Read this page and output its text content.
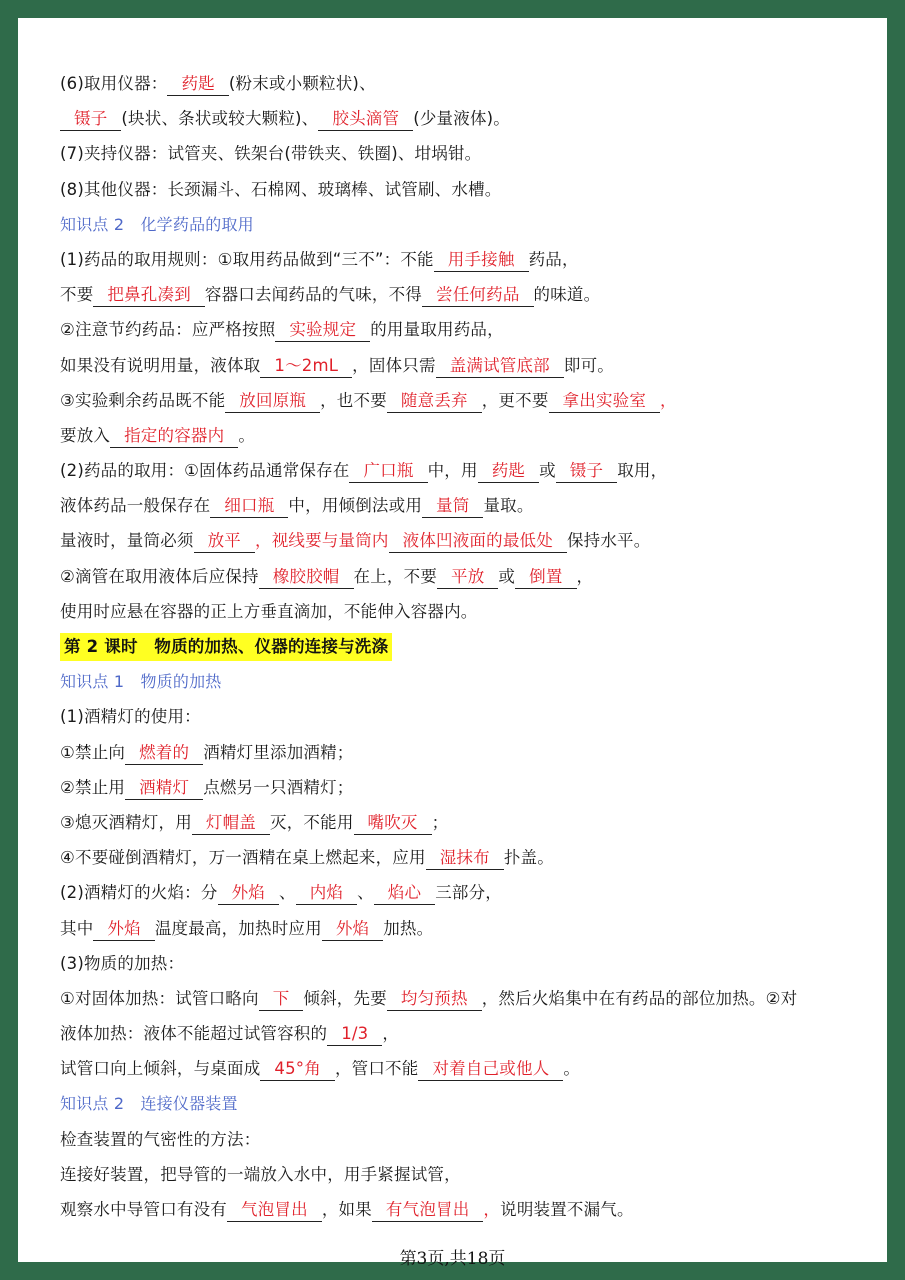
(6)取用仪器： 药匙 (粉末或小颗粒状)、
镊子 (块状、条状或较大颗粒)、 胶头滴管 (少量液体)。
(7)夹持仪器：试管夹、铁架台(带铁夹、铁圈)、坩埚钳。
(8)其他仪器：长颈漏斗、石棉网、玻璃棒、试管刷、水槽。
知识点 2　化学药品的取用
(1)药品的取用规则：①取用药品做到“三不”：不能 用手接触 药品，
不要 把鼻孔凑到 容器口去闻药品的气味，不得 尝任何药品 的味道。
②注意节约药品：应严格按照 实验规定 的用量取用药品，
如果没有说明用量，液体取 1～2mL ，固体只需 盖满试管底部 即可。
③实验剩余药品既不能 放回原瓶 ，也不要 随意丢弃 ，更不要 拿出实验室 ，
要放入 指定的容器内 。
(2)药品的取用：①固体药品通常保存在 广口瓶 中，用 药匙 或 镊子 取用，
液体药品一般保存在 细口瓶 中，用倾倒法或用 量筒 量取。
量液时，量筒必须 放平 ，视线要与量筒内 液体凹液面的最低处 保持水平。
②滴管在取用液体后应保持 橡胶胶帽 在上，不要 平放 或 倒置 ，
使用时应悬在容器的正上方垂直滴加，不能伸入容器内。
第 2 课时　物质的加热、仪器的连接与洗涤
知识点 1　物质的加热
(1)酒精灯的使用：
①禁止向 燃着的 酒精灯里添加酒精；
②禁止用 酒精灯 点燃另一只酒精灯；
③熄灭酒精灯，用 灯帽盖 灭，不能用 嘴吹灭 ；
④不要碰倒酒精灯，万一酒精在桌上燃起来，应用 湿抹布 扑盖。
(2)酒精灯的火焰：分 外焰 、 内焰 、 焰心 三部分，
其中 外焰 温度最高，加热时应用 外焰 加热。
(3)物质的加热：
①对固体加热：试管口略向 下 倾斜，先要 均匀预热 ，然后火焰集中在有药品的部位加热。②对
液体加热：液体不能超过试管容积的 1/3 ，
试管口向上倾斜，与桌面成 45°角 ，管口不能 对着自己或他人 。
知识点 2　连接仪器装置
检查装置的气密性的方法：
连接好装置，把导管的一端放入水中，用手紧握试管，
观察水中导管口有没有 气泡冒出 ，如果 有气泡冒出 ，说明装置不漏气。
第3页,共18页
